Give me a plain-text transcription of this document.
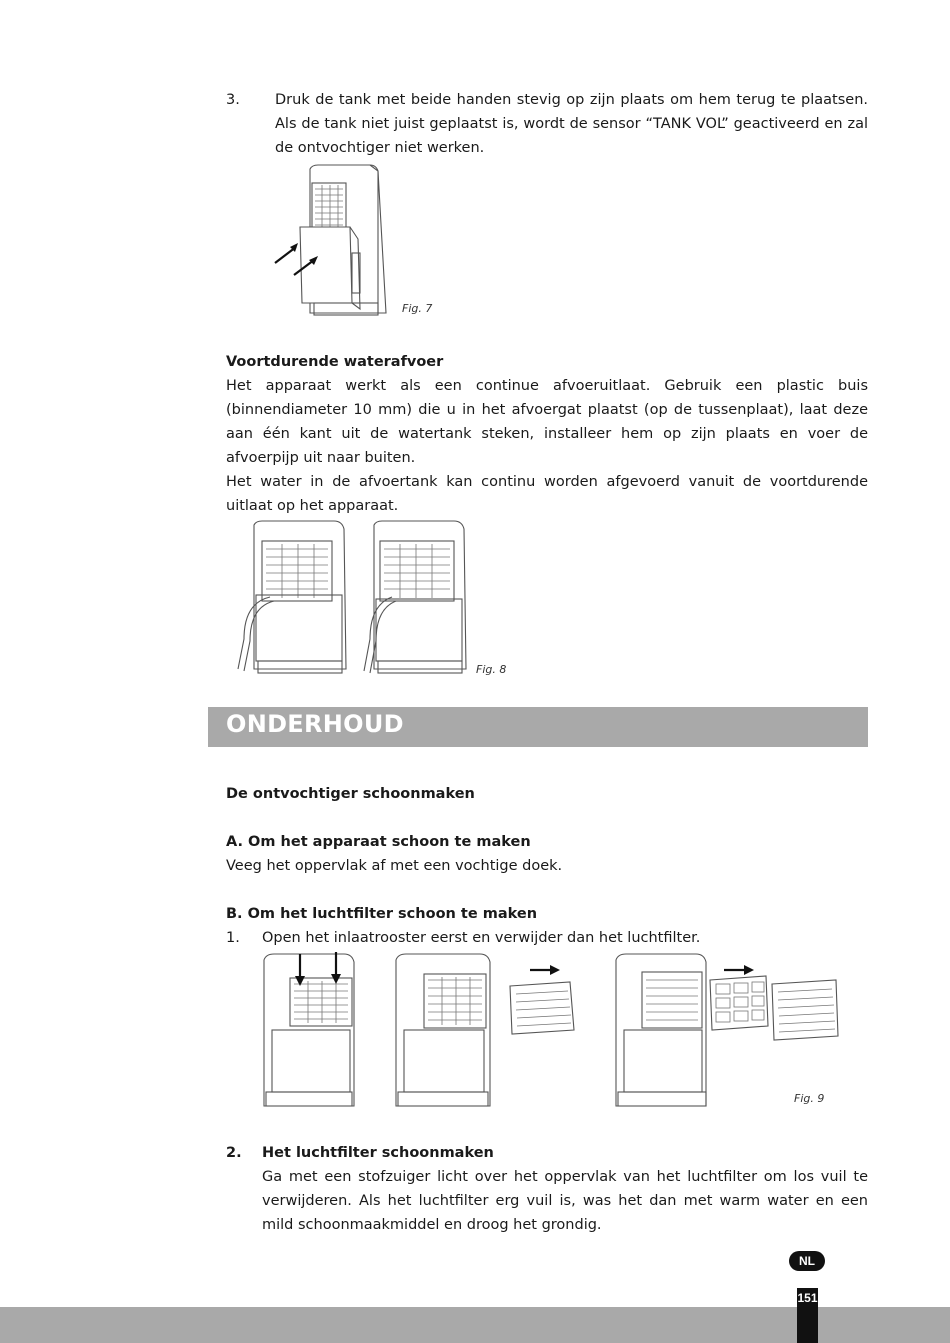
3. Druk de tank met beide handen stevig op zijn plaats om hem terug te plaatsen. Als de tank niet juist geplaatst is, wordt de sensor “TANK VOL” geactiveerd en zal de ontvochtiger niet werken.
Fig. 7
Voortdurende waterafvoer
Het apparaat werkt als een continue afvoeruitlaat. Gebruik een plastic buis (binnendiameter 10 mm) die u in het afvoergat plaatst (op de tussenplaat), laat deze aan één kant uit de watertank steken, installeer hem op zijn plaats en voer de afvoerpijp uit naar buiten.
Het water in de afvoertank kan continu worden afgevoerd vanuit de voortdurende uitlaat op het apparaat.
Fig. 8
ONDERHOUD
De ontvochtiger schoonmaken
A. Om het apparaat schoon te maken
Veeg het oppervlak af met een vochtige doek.
B. Om het luchtfilter schoon te maken
1. Open het inlaatrooster eerst en verwijder dan het luchtfilter.
Fig. 9
2. Het luchtfilter schoonmaken
Ga met een stofzuiger licht over het oppervlak van het luchtfilter om los vuil te verwijderen. Als het luchtfilter erg vuil is, was het dan met warm water en een mild schoonmaakmiddel en droog het grondig.
NL
151
